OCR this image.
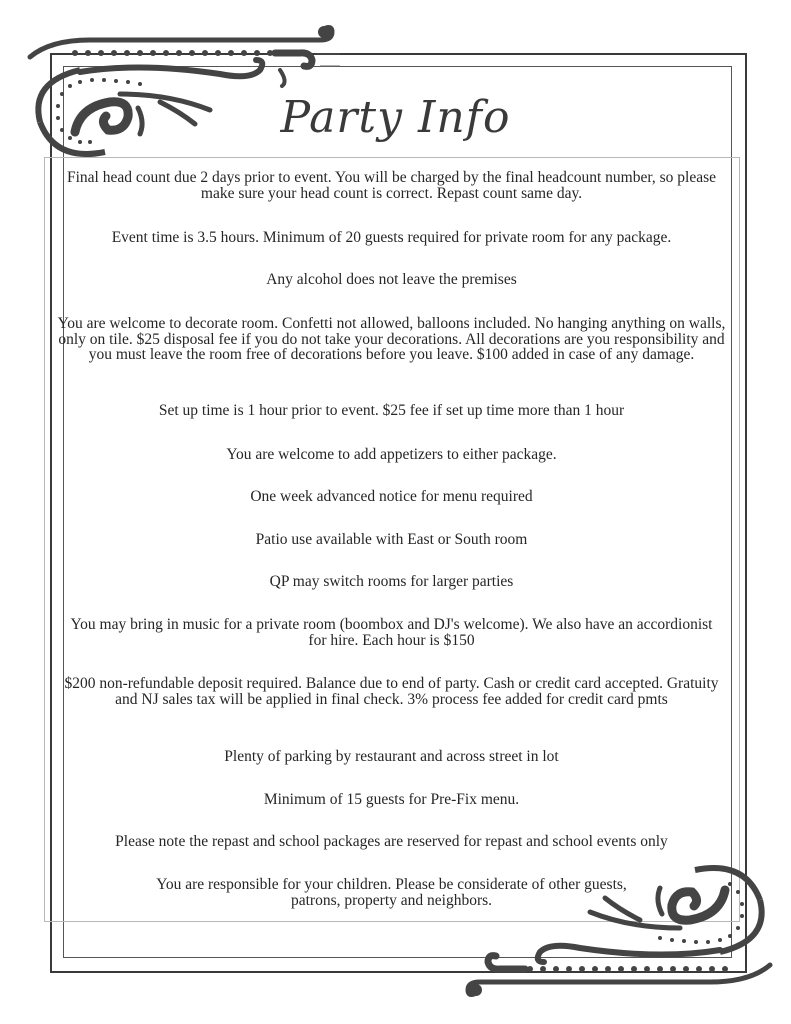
Party Info
Final head count due 2 days prior to event. You will be charged by the final headcount number, so please make sure your head count is correct. Repast count same day.
Event time is 3.5 hours. Minimum of 20 guests required for private room for any package.
Any alcohol does not leave the premises
You are welcome to decorate room. Confetti not allowed, balloons included. No hanging anything on walls, only on tile. $25 disposal fee if you do not take your decorations. All decorations are you responsibility and you must leave the room free of decorations before you leave. $100 added in case of any damage.
Set up time is 1 hour prior to event. $25 fee if set up time more than 1 hour
You are welcome to add appetizers to either package.
One week advanced notice for menu required
Patio use available with East or South room
QP may switch rooms for larger parties
You may bring in music for a private room (boombox and DJ's welcome). We also have an accordionist for hire. Each hour is $150
$200 non-refundable deposit required. Balance due to end of party. Cash or credit card accepted. Gratuity and NJ sales tax will be applied in final check. 3% process fee added for credit card pmts
Plenty of parking by restaurant and across street in lot
Minimum of 15 guests for Pre-Fix menu.
Please note the repast and school packages are reserved for repast and school events only
You are responsible for your children. Please be considerate of other guests, patrons, property and neighbors.
